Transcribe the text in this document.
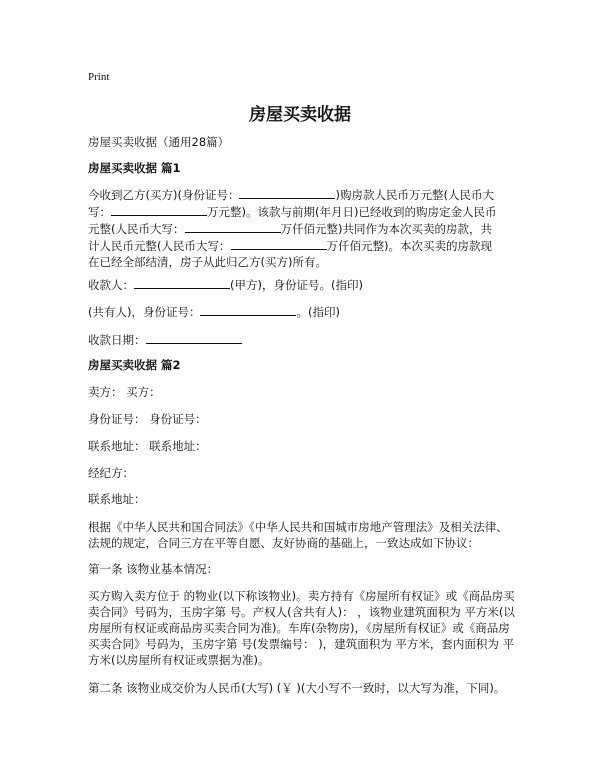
Print
房屋买卖收据
房屋买卖收据（通用28篇）
房屋买卖收据 篇1
今收到乙方(买方)(身份证号：	)购房款人民币万元整(人民币大
写：	万元整)。该款与前期(年月日)已经收到的购房定金人民币
元整(人民币大写：	万仟佰元整)共同作为本次买卖的房款，共
计人民币元整(人民币大写：	万仟佰元整)。本次买卖的房款现
在已经全部结清，房子从此归乙方(买方)所有。
收款人：	(甲方)，身份证号。(指印)
(共有人)，身份证号：	。(指印)
收款日期：
房屋买卖收据 篇2
卖方： 买方：
身份证号： 身份证号：
联系地址： 联系地址：
经纪方：
联系地址：
根据《中华人民共和国合同法》《中华人民共和国城市房地产管理法》及相关法律、法规的规定，合同三方在平等自愿、友好协商的基础上，一致达成如下协议：
第一条 该物业基本情况：
买方购入卖方位于 的物业(以下称该物业)。卖方持有《房屋所有权证》或《商品房买卖合同》号码为，玉房字第 号。产权人(含共有人)： ，该物业建筑面积为 平方米(以房屋所有权证或商品房买卖合同为准)。车库(杂物房)，《房屋所有权证》或《商品房买卖合同》号码为，玉房字第 号(发票编号： )，建筑面积为 平方米，套内面积为 平方米(以房屋所有权证或票据为准)。
第二条 该物业成交价为人民币(大写) (￥ )(大小写不一致时，以大写为准，下同)。
